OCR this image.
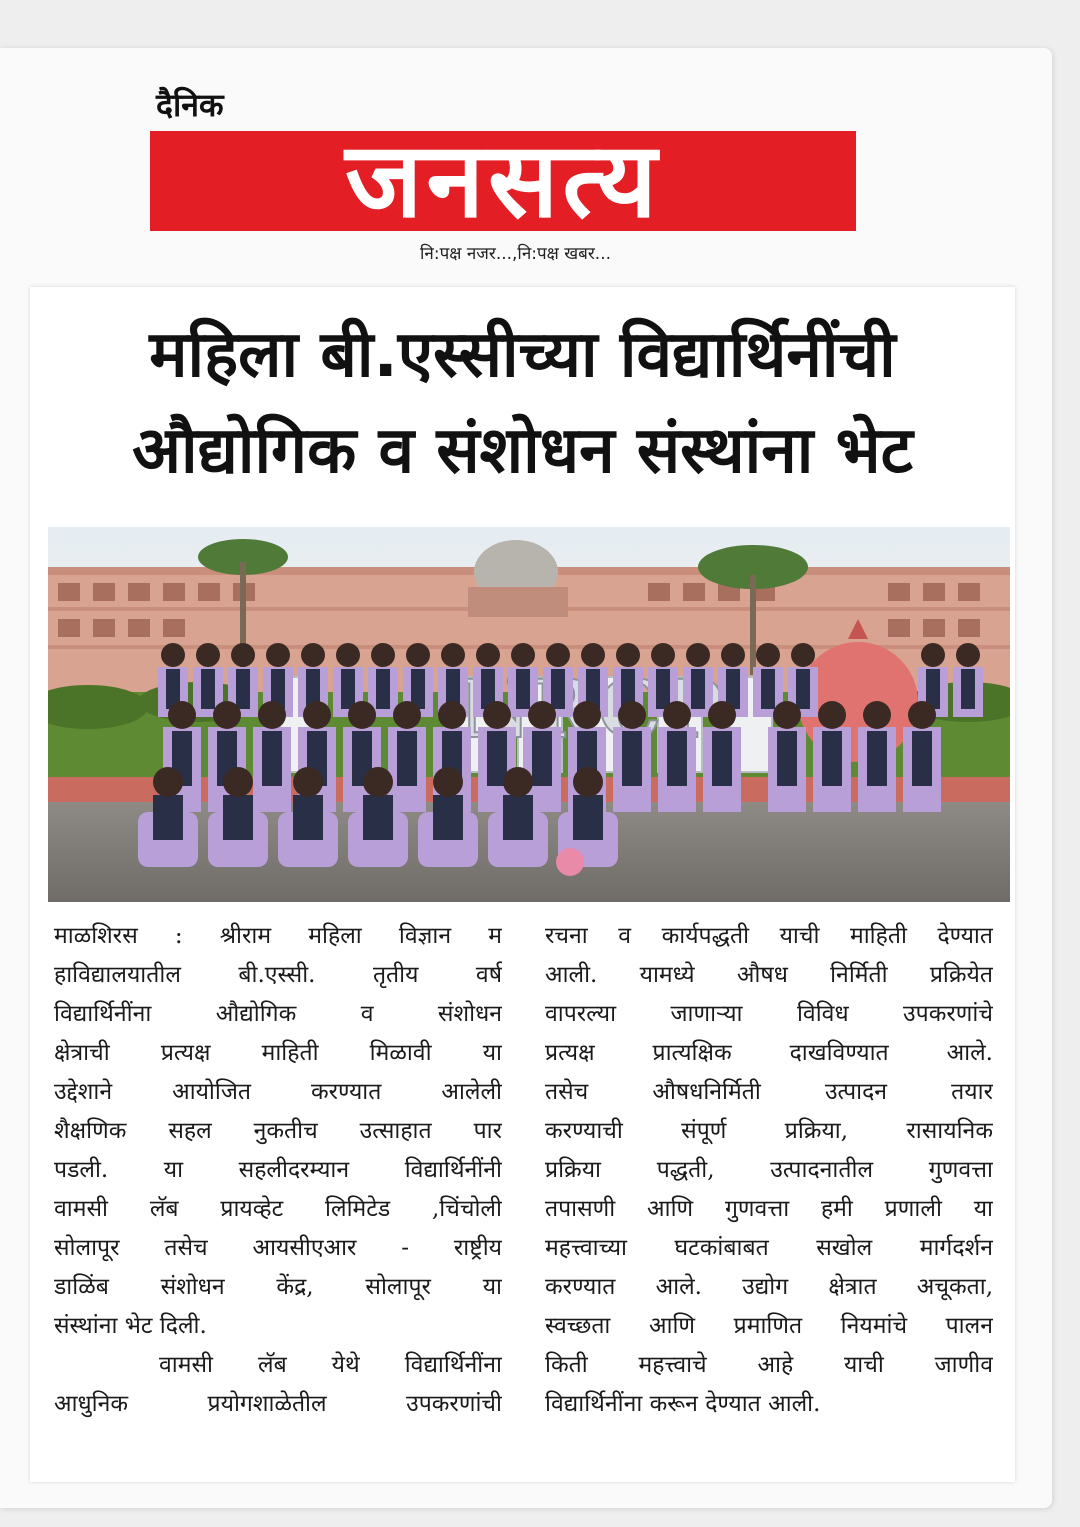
दैनिक
जनसत्य
नि:पक्ष नजर...,नि:पक्ष खबर...
महिला बी.एस्सीच्या विद्यार्थिनींची
औद्योगिक व संशोधन संस्थांना भेट
माळशिरस : श्रीराम महिला विज्ञान म
हाविद्यालयातील बी.एस्सी. तृतीय वर्ष
विद्यार्थिनींना औद्योगिक व संशोधन
क्षेत्राची प्रत्यक्ष माहिती मिळावी या
उद्देशाने आयोजित करण्यात आलेली
शैक्षणिक सहल नुकतीच उत्साहात पार
पडली. या सहलीदरम्यान विद्यार्थिनींनी
वामसी लॅब प्रायव्हेट लिमिटेड ,चिंचोली
सोलापूर तसेच आयसीएआर - राष्ट्रीय
डाळिंब संशोधन केंद्र, सोलापूर या
संस्थांना भेट दिली.
वामसी लॅब येथे विद्यार्थिनींना
आधुनिक प्रयोगशाळेतील उपकरणांची
रचना व कार्यपद्धती याची माहिती देण्यात
आली. यामध्ये औषध निर्मिती प्रक्रियेत
वापरल्या जाणाऱ्या विविध उपकरणांचे
प्रत्यक्ष प्रात्यक्षिक दाखविण्यात आले.
तसेच औषधनिर्मिती उत्पादन तयार
करण्याची संपूर्ण प्रक्रिया, रासायनिक
प्रक्रिया पद्धती, उत्पादनातील गुणवत्ता
तपासणी आणि गुणवत्ता हमी प्रणाली या
महत्त्वाच्या घटकांबाबत सखोल मार्गदर्शन
करण्यात आले. उद्योग क्षेत्रात अचूकता,
स्वच्छता आणि प्रमाणित नियमांचे पालन
किती महत्त्वाचे आहे याची जाणीव
विद्यार्थिनींना करून देण्यात आली.
